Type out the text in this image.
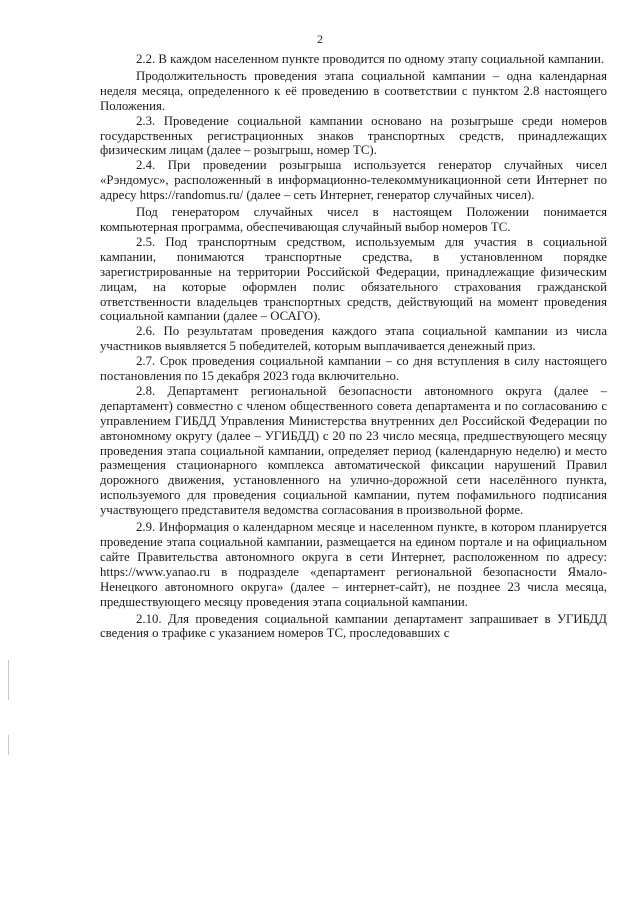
2

2.2. В каждом населенном пункте проводится по одному этапу социальной кампании.

Продолжительность проведения этапа социальной кампании – одна календарная неделя месяца, определенного к её проведению в соответствии с пунктом 2.8 настоящего Положения.

2.3. Проведение социальной кампании основано на розыгрыше среди номеров государственных регистрационных знаков транспортных средств, принадлежащих физическим лицам (далее – розыгрыш, номер ТС).

2.4. При проведении розыгрыша используется генератор случайных чисел «Рэндомус», расположенный в информационно-телекоммуникационной сети Интернет по адресу https://randomus.ru/ (далее – сеть Интернет, генератор случайных чисел).

Под генератором случайных чисел в настоящем Положении понимается компьютерная программа, обеспечивающая случайный выбор номеров ТС.

2.5. Под транспортным средством, используемым для участия в социальной кампании, понимаются транспортные средства, в установленном порядке зарегистрированные на территории Российской Федерации, принадлежащие физическим лицам, на которые оформлен полис обязательного страхования гражданской ответственности владельцев транспортных средств, действующий на момент проведения социальной кампании (далее – ОСАГО).

2.6. По результатам проведения каждого этапа социальной кампании из числа участников выявляется 5 победителей, которым выплачивается денежный приз.

2.7. Срок проведения социальной кампании – со дня вступления в силу настоящего постановления по 15 декабря 2023 года включительно.

2.8. Департамент региональной безопасности автономного округа (далее – департамент) совместно с членом общественного совета департамента и по согласованию с управлением ГИБДД Управления Министерства внутренних дел Российской Федерации по автономному округу (далее – УГИБДД) с 20 по 23 число месяца, предшествующего месяцу проведения этапа социальной кампании, определяет период (календарную неделю) и место размещения стационарного комплекса автоматической фиксации нарушений Правил дорожного движения, установленного на улично-дорожной сети населённого пункта, используемого для проведения социальной кампании, путем пофамильного подписания участвующего представителя ведомства согласования в произвольной форме.

2.9. Информация о календарном месяце и населенном пункте, в котором планируется проведение этапа социальной кампании, размещается на едином портале и на официальном сайте Правительства автономного округа в сети Интернет, расположенном по адресу: https://www.yanao.ru в подразделе «департамент региональной безопасности Ямало-Ненецкого автономного округа» (далее – интернет-сайт), не позднее 23 числа месяца, предшествующего месяцу проведения этапа социальной кампании.

2.10. Для проведения социальной кампании департамент запрашивает в УГИБДД сведения о трафике с указанием номеров ТС, проследовавших с
